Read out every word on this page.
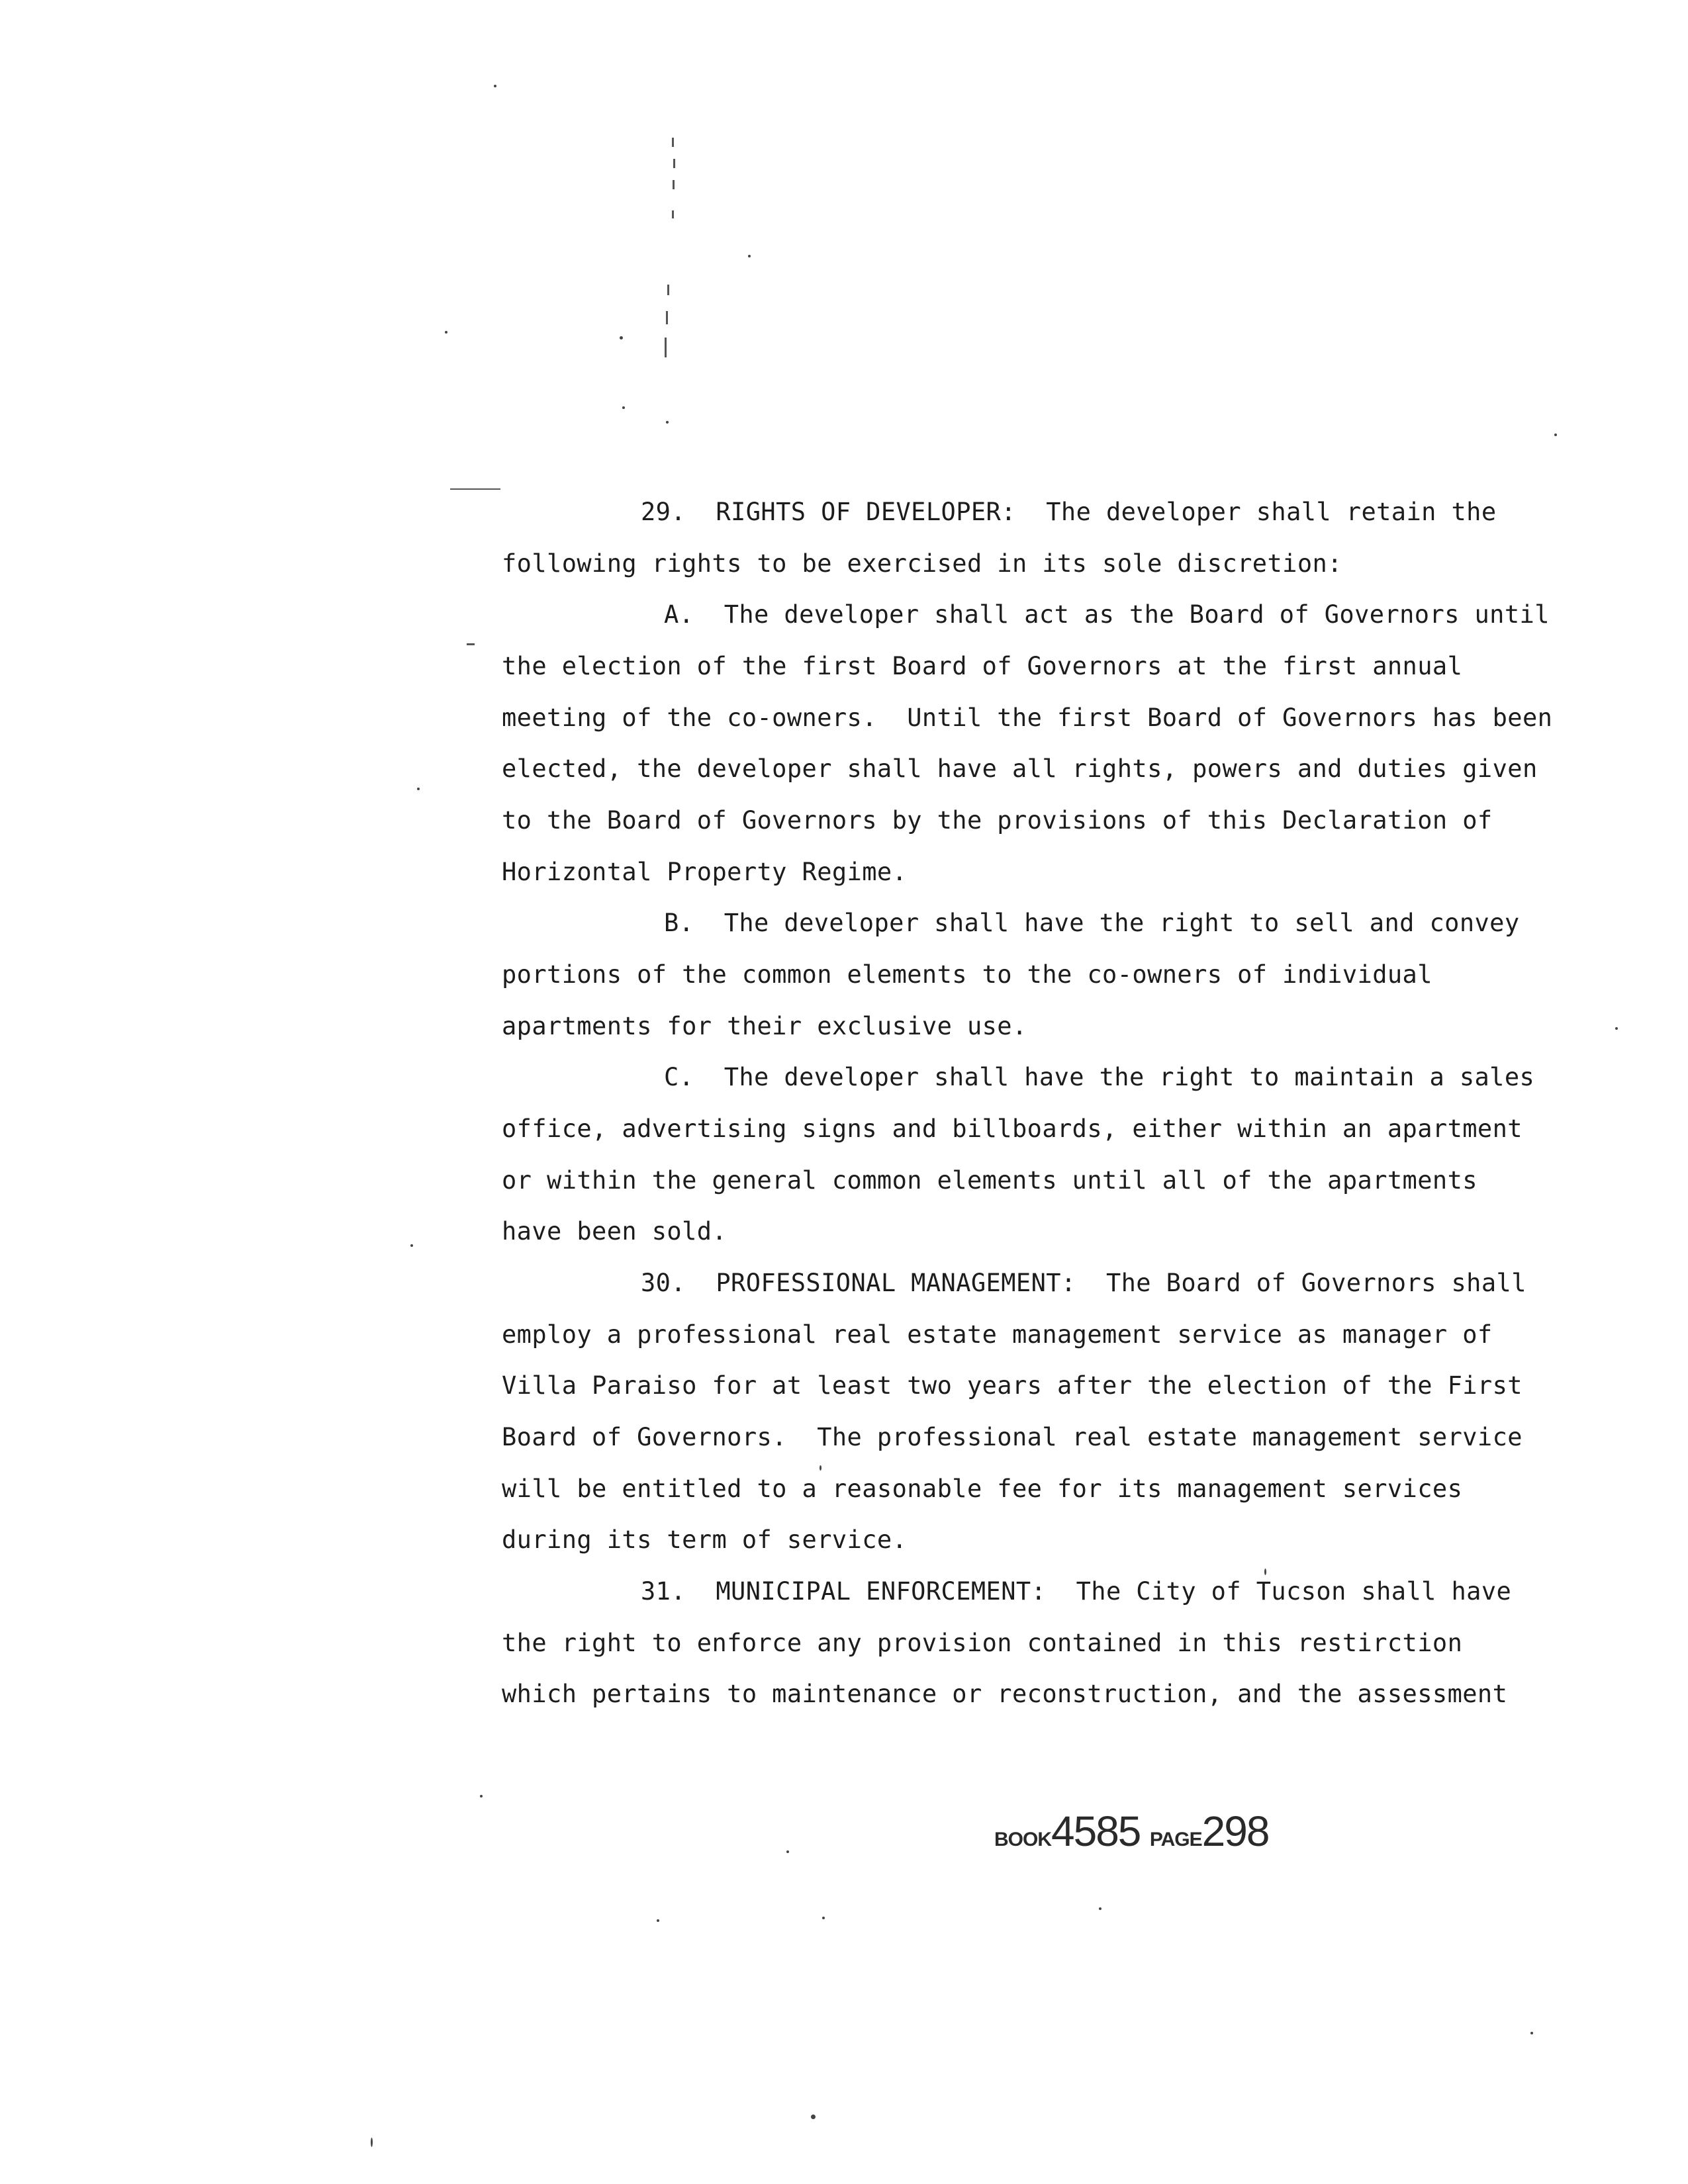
29.  RIGHTS OF DEVELOPER:  The developer shall retain the
following rights to be exercised in its sole discretion:
A.  The developer shall act as the Board of Governors until
the election of the first Board of Governors at the first annual
meeting of the co-owners.  Until the first Board of Governors has been
elected, the developer shall have all rights, powers and duties given
to the Board of Governors by the provisions of this Declaration of
Horizontal Property Regime.
B.  The developer shall have the right to sell and convey
portions of the common elements to the co-owners of individual
apartments for their exclusive use.
C.  The developer shall have the right to maintain a sales
office, advertising signs and billboards, either within an apartment
or within the general common elements until all of the apartments
have been sold.
30.  PROFESSIONAL MANAGEMENT:  The Board of Governors shall
employ a professional real estate management service as manager of
Villa Paraiso for at least two years after the election of the First
Board of Governors.  The professional real estate management service
will be entitled to a reasonable fee for its management services
during its term of service.
31.  MUNICIPAL ENFORCEMENT:  The City of Tucson shall have
the right to enforce any provision contained in this restirction
which pertains to maintenance or reconstruction, and the assessment
BOOK4585 PAGE298
